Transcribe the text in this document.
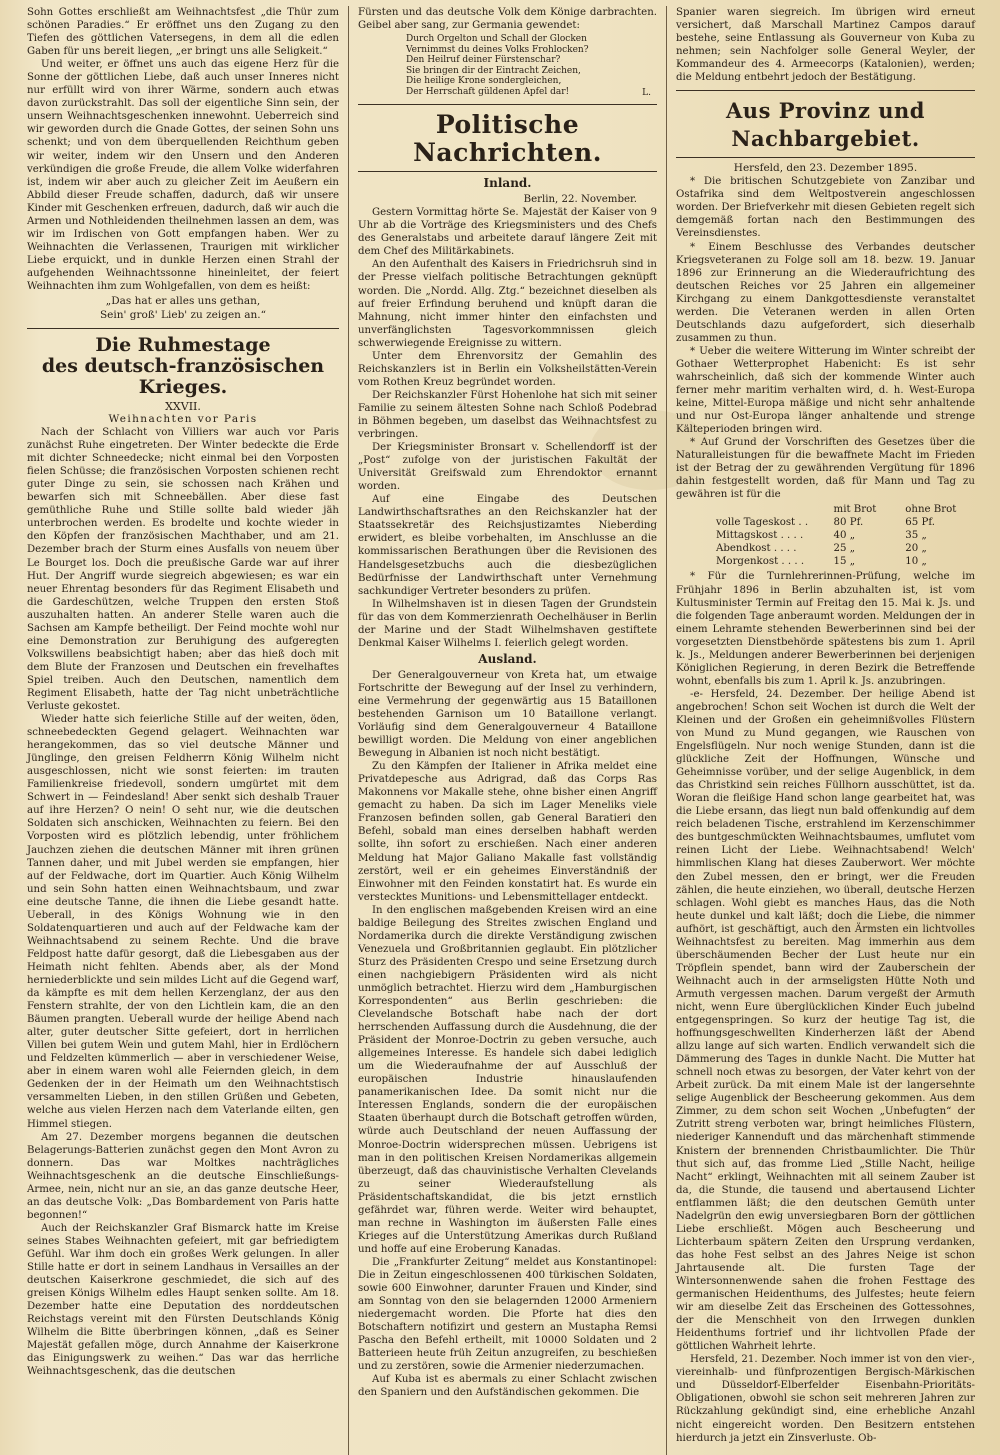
Sohn Gottes erschließt am Weihnachtsfest „die Thür zum schönen Paradies.“ Er eröffnet uns den Zugang zu den Tiefen des göttlichen Vatersegens, in dem all die edlen Gaben für uns bereit liegen, „er bringt uns alle Seligkeit.“

Und weiter, er öffnet uns auch das eigene Herz für die Sonne der göttlichen Liebe, daß auch unser Inneres nicht nur erfüllt wird von ihrer Wärme, sondern auch etwas davon zurückstrahlt. Das soll der eigentliche Sinn sein, der unsern Weihnachtsgeschenken innewohnt. Ueberreich sind wir geworden durch die Gnade Gottes, der seinen Sohn uns schenkt; und von dem überquellenden Reichthum geben wir weiter, indem wir den Unsern und den Anderen verkündigen die große Freude, die allem Volke widerfahren ist, indem wir aber auch zu gleicher Zeit im Aeußern ein Abbild dieser Freude schaffen, dadurch, daß wir unsere Kinder mit Geschenken erfreuen, dadurch, daß wir auch die Armen und Nothleidenden theilnehmen lassen an dem, was wir im Irdischen von Gott empfangen haben. Wer zu Weihnachten die Verlassenen, Traurigen mit wirklicher Liebe erquickt, und in dunkle Herzen einen Strahl der aufgehenden Weihnachtssonne hineinleitet, der feiert Weihnachten ihm zum Wohlgefallen, von dem es heißt:

„Das hat er alles uns gethan,
Sein' groß' Lieb' zu zeigen an.“
Die Ruhmestage
des deutsch-französischen Krieges.
XXVII.
Weihnachten vor Paris

Nach der Schlacht von Villiers war auch vor Paris zunächst Ruhe eingetreten. Der Winter bedeckte die Erde mit dichter Schneedecke; nicht einmal bei den Vorposten fielen Schüsse; die französischen Vorposten schienen recht guter Dinge zu sein, sie schossen nach Krähen und bewarfen sich mit Schneebällen. Aber diese fast gemüthliche Ruhe und Stille sollte bald wieder jäh unterbrochen werden. Es brodelte und kochte wieder in den Köpfen der französischen Machthaber, und am 21. Dezember brach der Sturm eines Ausfalls von neuem über Le Bourget los. Doch die preußische Garde war auf ihrer Hut. Der Angriff wurde siegreich abgewiesen; es war ein neuer Ehrentag besonders für das Regiment Elisabeth und die Gardeschützen, welche Truppen den ersten Stoß auszuhalten hatten. An anderer Stelle waren auch die Sachsen am Kampfe betheiligt. Der Feind mochte wohl nur eine Demonstration zur Beruhigung des aufgeregten Volkswillens beabsichtigt haben; aber das hieß doch mit dem Blute der Franzosen und Deutschen ein frevelhaftes Spiel treiben. Auch den Deutschen, namentlich dem Regiment Elisabeth, hatte der Tag nicht unbeträchtliche Verluste gekostet.

Wieder hatte sich feierliche Stille auf der weiten, öden, schneebedeckten Gegend gelagert. Weihnachten war herangekommen, das so viel deutsche Männer und Jünglinge, den greisen Feldherrn König Wilhelm nicht ausgeschlossen, nicht wie sonst feierten: im trauten Familienkreise friedevoll, sondern umgürtet mit dem Schwert in — Feindesland! Aber senkt sich deshalb Trauer auf ihre Herzen? O nein! O seht nur, wie die deutschen Soldaten sich anschicken, Weihnachten zu feiern. Bei den Vorposten wird es plötzlich lebendig, unter fröhlichem Jauchzen ziehen die deutschen Männer mit ihren grünen Tannen daher, und mit Jubel werden sie empfangen, hier auf der Feldwache, dort im Quartier. Auch König Wilhelm und sein Sohn hatten einen Weihnachtsbaum, und zwar eine deutsche Tanne, die ihnen die Liebe gesandt hatte. Ueberall, in des Königs Wohnung wie in den Soldatenquartieren und auch auf der Feldwache kam der Weihnachtsabend zu seinem Rechte. Und die brave Feldpost hatte dafür gesorgt, daß die Liebesgaben aus der Heimath nicht fehlten. Abends aber, als der Mond herniederblickte und sein mildes Licht auf die Gegend warf, da kämpfte es mit dem hellen Kerzenglanz, der aus den Fenstern strahlte, der von den Lichtlein kam, die an den Bäumen prangten. Ueberall wurde der heilige Abend nach alter, guter deutscher Sitte gefeiert, dort in herrlichen Villen bei gutem Wein und gutem Mahl, hier in Erdlöchern und Feldzelten kümmerlich — aber in verschiedener Weise, aber in einem waren wohl alle Feiernden gleich, in dem Gedenken der in der Heimath um den Weihnachtstisch versammelten Lieben, in den stillen Grüßen und Gebeten, welche aus vielen Herzen nach dem Vaterlande eilten, gen Himmel stiegen.

Am 27. Dezember morgens begannen die deutschen Belagerungs-Batterien zunächst gegen den Mont Avron zu donnern. Das war Moltkes nachträgliches Weihnachtsgeschenk an die deutsche Einschließungs-Armee, nein, nicht nur an sie, an das ganze deutsche Heer, an das deutsche Volk: „Das Bombardement von Paris hatte begonnen!“

Auch der Reichskanzler Graf Bismarck hatte im Kreise seines Stabes Weihnachten gefeiert, mit gar befriedigtem Gefühl. War ihm doch ein großes Werk gelungen. In aller Stille hatte er dort in seinem Landhaus in Versailles an der deutschen Kaiserkrone geschmiedet, die sich auf des greisen Königs Wilhelm edles Haupt senken sollte. Am 18. Dezember hatte eine Deputation des norddeutschen Reichstags vereint mit den Fürsten Deutschlands König Wilhelm die Bitte überbringen können, „daß es Seiner Majestät gefallen möge, durch Annahme der Kaiserkrone das Einigungswerk zu weihen.“ Das war das herrliche Weihnachtsgeschenk, das die deutschen

Fürsten und das deutsche Volk dem Könige darbrachten. Geibel aber sang, zur Germania gewendet:

Durch Orgelton und Schall der Glocken
Vernimmst du deines Volks Frohlocken?
Den Heilruf deiner Fürstenschar?
Sie bringen dir der Eintracht Zeichen,
Die heilige Krone sondergleichen,
Der Herrschaft güldenen Apfel dar!	L.
Politische Nachrichten.
Inland.
Berlin, 22. November.

Gestern Vormittag hörte Se. Majestät der Kaiser von 9 Uhr ab die Vorträge des Kriegsministers und des Chefs des Generalstabs und arbeitete darauf längere Zeit mit dem Chef des Militärkabinets.

An den Aufenthalt des Kaisers in Friedrichsruh sind in der Presse vielfach politische Betrachtungen geknüpft worden. Die „Nordd. Allg. Ztg.“ bezeichnet dieselben als auf freier Erfindung beruhend und knüpft daran die Mahnung, nicht immer hinter den einfachsten und unverfänglichsten Tagesvorkommnissen gleich schwerwiegende Ereignisse zu wittern.

Unter dem Ehrenvorsitz der Gemahlin des Reichskanzlers ist in Berlin ein Volksheilstätten-Verein vom Rothen Kreuz begründet worden.

Der Reichskanzler Fürst Hohenlohe hat sich mit seiner Familie zu seinem ältesten Sohne nach Schloß Podebrad in Böhmen begeben, um daselbst das Weihnachtsfest zu verbringen.

Der Kriegsminister Bronsart v. Schellendorff ist der „Post“ zufolge von der juristischen Fakultät der Universität Greifswald zum Ehrendoktor ernannt worden.

Auf eine Eingabe des Deutschen Landwirthschaftsrathes an den Reichskanzler hat der Staatssekretär des Reichsjustizamtes Nieberding erwidert, es bleibe vorbehalten, im Anschlusse an die kommissarischen Berathungen über die Revisionen des Handelsgesetzbuchs auch die diesbezüglichen Bedürfnisse der Landwirthschaft unter Vernehmung sachkundiger Vertreter besonders zu prüfen.

In Wilhelmshaven ist in diesen Tagen der Grundstein für das von dem Kommerzienrath Oechelhäuser in Berlin der Marine und der Stadt Wilhelmshaven gestiftete Denkmal Kaiser Wilhelms I. feierlich gelegt worden.

Ausland.

Der Generalgouverneur von Kreta hat, um etwaige Fortschritte der Bewegung auf der Insel zu verhindern, eine Vermehrung der gegenwärtig aus 15 Bataillonen bestehenden Garnison um 10 Bataillone verlangt. Vorläufig sind dem Generalgouverneur 4 Bataillone bewilligt worden. Die Meldung von einer angeblichen Bewegung in Albanien ist noch nicht bestätigt.

Zu den Kämpfen der Italiener in Afrika meldet eine Privatdepesche aus Adrigrad, daß das Corps Ras Makonnens vor Makalle stehe, ohne bisher einen Angriff gemacht zu haben. Da sich im Lager Meneliks viele Franzosen befinden sollen, gab General Baratieri den Befehl, sobald man eines derselben habhaft werden sollte, ihn sofort zu erschießen. Nach einer anderen Meldung hat Major Galiano Makalle fast vollständig zerstört, weil er ein geheimes Einverständniß der Einwohner mit den Feinden konstatirt hat. Es wurde ein verstecktes Munitions- und Lebensmittellager entdeckt.

In den englischen maßgebenden Kreisen wird an eine baldige Beilegung des Streites zwischen England und Nordamerika durch die direkte Verständigung zwischen Venezuela und Großbritannien geglaubt. Ein plötzlicher Sturz des Präsidenten Crespo und seine Ersetzung durch einen nachgiebigern Präsidenten wird als nicht unmöglich betrachtet. Hierzu wird dem „Hamburgischen Korrespondenten“ aus Berlin geschrieben: die Clevelandsche Botschaft habe nach der dort herrschenden Auffassung durch die Ausdehnung, die der Präsident der Monroe-Doctrin zu geben versuche, auch allgemeines Interesse. Es handele sich dabei lediglich um die Wiederaufnahme der auf Ausschluß der europäischen Industrie hinauslaufenden panamerikanischen Idee. Da somit nicht nur die Interessen Englands, sondern die der europäischen Staaten überhaupt durch die Botschaft getroffen würden, würde auch Deutschland der neuen Auffassung der Monroe-Doctrin widersprechen müssen. Uebrigens ist man in den politischen Kreisen Nordamerikas allgemein überzeugt, daß das chauvinistische Verhalten Clevelands zu seiner Wiederaufstellung als Präsidentschaftskandidat, die bis jetzt ernstlich gefährdet war, führen werde. Weiter wird behauptet, man rechne in Washington im äußersten Falle eines Krieges auf die Unterstützung Amerikas durch Rußland und hoffe auf eine Eroberung Kanadas.

Die „Frankfurter Zeitung“ meldet aus Konstantinopel: Die in Zeitun eingeschlossenen 400 türkischen Soldaten, sowie 600 Einwohner, darunter Frauen und Kinder, sind am Sonntag von den sie belagernden 12000 Armeniern niedergemacht worden. Die Pforte hat dies den Botschaftern notifizirt und gestern an Mustapha Remsi Pascha den Befehl ertheilt, mit 10000 Soldaten und 2 Batterieen heute früh Zeitun anzugreifen, zu beschießen und zu zerstören, sowie die Armenier niederzumachen.

Auf Kuba ist es abermals zu einer Schlacht zwischen den Spaniern und den Aufständischen gekommen. Die

Spanier waren siegreich. Im übrigen wird erneut versichert, daß Marschall Martinez Campos darauf bestehe, seine Entlassung als Gouverneur von Kuba zu nehmen; sein Nachfolger solle General Weyler, der Kommandeur des 4. Armeecorps (Katalonien), werden; die Meldung entbehrt jedoch der Bestätigung.

Aus Provinz und Nachbargebiet.
Hersfeld, den 23. Dezember 1895.

* Die britischen Schutzgebiete von Zanzibar und Ostafrika sind dem Weltpostverein angeschlossen worden. Der Briefverkehr mit diesen Gebieten regelt sich demgemäß fortan nach den Bestimmungen des Vereinsdienstes.

* Einem Beschlusse des Verbandes deutscher Kriegsveteranen zu Folge soll am 18. bezw. 19. Januar 1896 zur Erinnerung an die Wiederaufrichtung des deutschen Reiches vor 25 Jahren ein allgemeiner Kirchgang zu einem Dankgottesdienste veranstaltet werden. Die Veteranen werden in allen Orten Deutschlands dazu aufgefordert, sich dieserhalb zusammen zu thun.

* Ueber die weitere Witterung im Winter schreibt der Gothaer Wetterprophet Habenicht: Es ist sehr wahrscheinlich, daß sich der kommende Winter auch ferner mehr maritim verhalten wird, d. h. West-Europa keine, Mittel-Europa mäßige und nicht sehr anhaltende und nur Ost-Europa länger anhaltende und strenge Kälteperioden bringen wird.

* Auf Grund der Vorschriften des Gesetzes über die Naturalleistungen für die bewaffnete Macht im Frieden ist der Betrag der zu gewährenden Vergütung für 1896 dahin festgestellt worden, daß für Mann und Tag zu gewähren ist für die

mit Brot	ohne Brot
volle Tageskost . .	80 Pf.	65 Pf.
Mittagskost . . . .	40 „	35 „
Abendkost . . . .	25 „	20 „
Morgenkost . . . .	15 „	10 „

* Für die Turnlehrerinnen-Prüfung, welche im Frühjahr 1896 in Berlin abzuhalten ist, ist vom Kultusminister Termin auf Freitag den 15. Mai k. Js. und die folgenden Tage anberaumt worden. Meldungen der in einem Lehramte stehenden Bewerberinnen sind bei der vorgesetzten Dienstbehörde spätestens bis zum 1. April k. Js., Meldungen anderer Bewerberinnen bei derjenigen Königlichen Regierung, in deren Bezirk die Betreffende wohnt, ebenfalls bis zum 1. April k. Js. anzubringen.

-e- Hersfeld, 24. Dezember. Der heilige Abend ist angebrochen! Schon seit Wochen ist durch die Welt der Kleinen und der Großen ein geheimnißvolles Flüstern von Mund zu Mund gegangen, wie Rauschen von Engelsflügeln. Nur noch wenige Stunden, dann ist die glückliche Zeit der Hoffnungen, Wünsche und Geheimnisse vorüber, und der selige Augenblick, in dem das Christkind sein reiches Füllhorn ausschüttet, ist da. Woran die fleißige Hand schon lange gearbeitet hat, was die Liebe ersann, das liegt nun bald offenkundig auf dem reich beladenen Tische, erstrahlend im Kerzenschimmer des buntgeschmückten Weihnachtsbaumes, umflutet vom reinen Licht der Liebe. Weihnachtsabend! Welch' himmlischen Klang hat dieses Zauberwort. Wer möchte den Zubel messen, den er bringt, wer die Freuden zählen, die heute einziehen, wo überall, deutsche Herzen schlagen. Wohl giebt es manches Haus, das die Noth heute dunkel und kalt läßt; doch die Liebe, die nimmer aufhört, ist geschäftigt, auch den Ärmsten ein lichtvolles Weihnachtsfest zu bereiten. Mag immerhin aus dem überschäumenden Becher der Lust heute nur ein Tröpflein spendet, bann wird der Zauberschein der Weihnacht auch in der armseligsten Hütte Noth und Armuth vergessen machen. Darum vergeßt der Armuth nicht, wenn Eure überglücklichen Kinder Euch jubelnd entgegenspringen. So kurz der heutige Tag ist, die hoffnungsgeschwellten Kinderherzen läßt der Abend allzu lange auf sich warten. Endlich verwandelt sich die Dämmerung des Tages in dunkle Nacht. Die Mutter hat schnell noch etwas zu besorgen, der Vater kehrt von der Arbeit zurück. Da mit einem Male ist der langersehnte selige Augenblick der Bescheerung gekommen. Aus dem Zimmer, zu dem schon seit Wochen „Unbefugten“ der Zutritt streng verboten war, bringt heimliches Flüstern, niederiger Kannenduft und das märchenhaft stimmende Knistern der brennenden Christbaumlichter. Die Thür thut sich auf, das fromme Lied „Stille Nacht, heilige Nacht“ erklingt, Weihnachten mit all seinem Zauber ist da, die Stunde, die tausend und abertausend Lichter entflammen läßt; die den deutschen Gemüth unter Nadelgrün den ewig unversiegbaren Born der göttlichen Liebe erschließt. Mögen auch Bescheerung und Lichterbaum spätern Zeiten den Ursprung verdanken, das hohe Fest selbst an des Jahres Neige ist schon Jahrtausende alt. Die fursten Tage der Wintersonnenwende sahen die frohen Festtage des germanischen Heidenthums, des Julfestes; heute feiern wir am dieselbe Zeit das Erscheinen des Gottessohnes, der die Menschheit von den Irrwegen dunklen Heidenthums fortrief und ihr lichtvollen Pfade der göttlichen Wahrheit lehrte.

Hersfeld, 21. Dezember. Noch immer ist von den vier-, viereinhalb- und fünfprozentigen Bergisch-Märkischen und Düsseldorf-Elberfelder Eisenbahn-Prioritäts-Obligationen, obwohl sie schon seit mehreren Jahren zur Rückzahlung gekündigt sind, eine erhebliche Anzahl nicht eingereicht worden. Den Besitzern entstehen hierdurch ja jetzt ein Zinsverluste. Ob-
